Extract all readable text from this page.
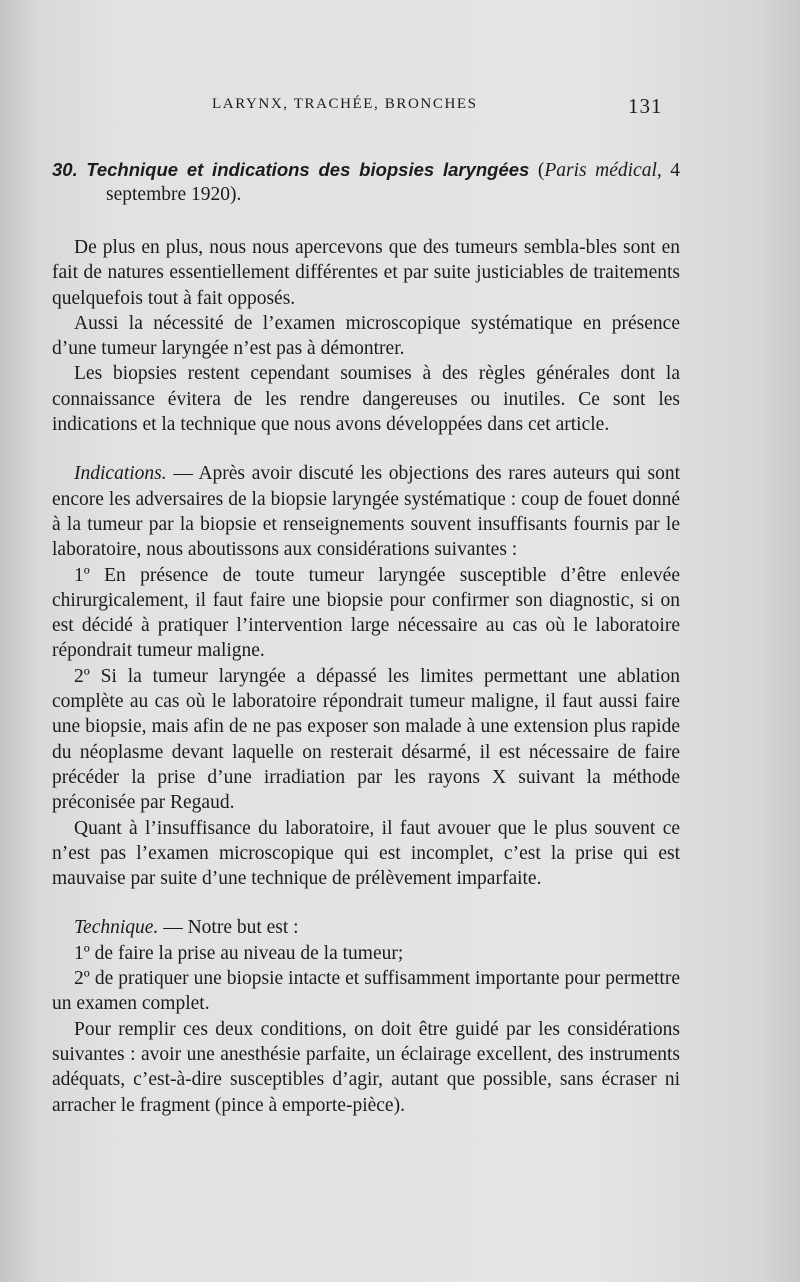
LARYNX, TRACHÉE, BRONCHES	131
30. Technique et indications des biopsies laryngées (Paris médical, 4 septembre 1920).

De plus en plus, nous nous apercevons que des tumeurs sembla-bles sont en fait de natures essentiellement différentes et par suite justiciables de traitements quelquefois tout à fait opposés.

Aussi la nécessité de l’examen microscopique systématique en présence d’une tumeur laryngée n’est pas à démontrer.

Les biopsies restent cependant soumises à des règles générales dont la connaissance évitera de les rendre dangereuses ou inutiles. Ce sont les indications et la technique que nous avons développées dans cet article.

Indications. — Après avoir discuté les objections des rares auteurs qui sont encore les adversaires de la biopsie laryngée systématique : coup de fouet donné à la tumeur par la biopsie et renseignements souvent insuffisants fournis par le laboratoire, nous aboutissons aux considérations suivantes :

1º En présence de toute tumeur laryngée susceptible d’être enlevée chirurgicalement, il faut faire une biopsie pour confirmer son diagnostic, si on est décidé à pratiquer l’intervention large nécessaire au cas où le laboratoire répondrait tumeur maligne.

2º Si la tumeur laryngée a dépassé les limites permettant une ablation complète au cas où le laboratoire répondrait tumeur maligne, il faut aussi faire une biopsie, mais afin de ne pas exposer son malade à une extension plus rapide du néoplasme devant laquelle on resterait désarmé, il est nécessaire de faire précéder la prise d’une irradiation par les rayons X suivant la méthode préconisée par Regaud.

Quant à l’insuffisance du laboratoire, il faut avouer que le plus souvent ce n’est pas l’examen microscopique qui est incomplet, c’est la prise qui est mauvaise par suite d’une technique de prélèvement imparfaite.

Technique. — Notre but est :

1º de faire la prise au niveau de la tumeur;

2º de pratiquer une biopsie intacte et suffisamment importante pour permettre un examen complet.

Pour remplir ces deux conditions, on doit être guidé par les considérations suivantes : avoir une anesthésie parfaite, un éclairage excellent, des instruments adéquats, c’est-à-dire susceptibles d’agir, autant que possible, sans écraser ni arracher le fragment (pince à emporte-pièce).
